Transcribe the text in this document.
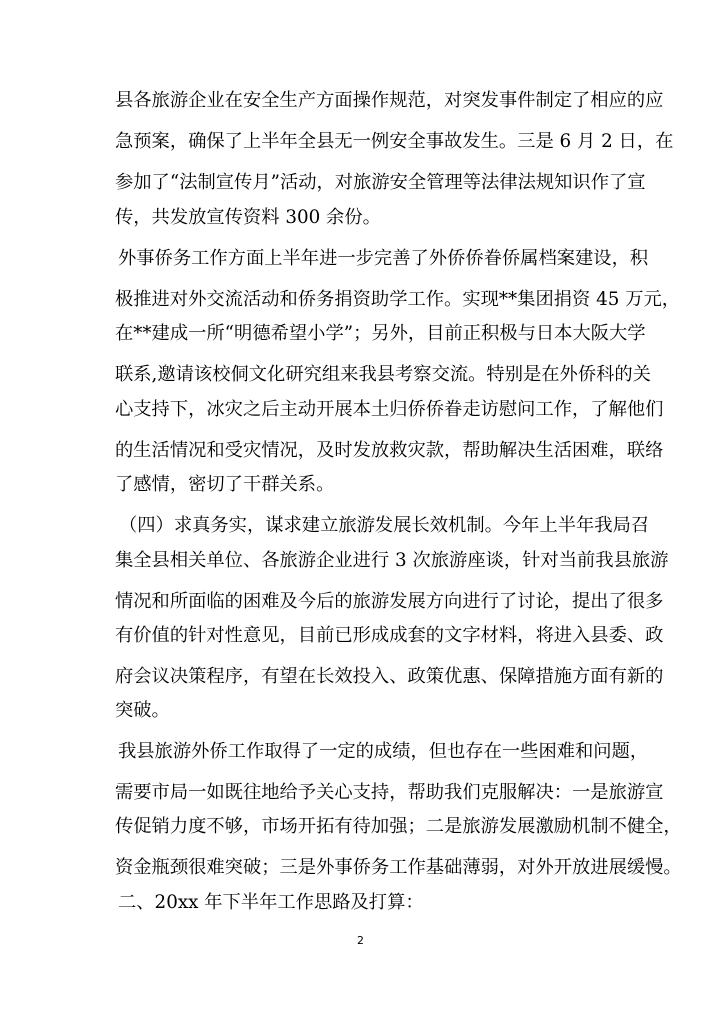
县各旅游企业在安全生产方面操作规范，对突发事件制定了相应的应
急预案，确保了上半年全县无一例安全事故发生。三是 6 月 2 日，在
参加了“法制宣传月”活动，对旅游安全管理等法律法规知识作了宣
传，共发放宣传资料 300 余份。
外事侨务工作方面上半年进一步完善了外侨侨眷侨属档案建设，积
极推进对外交流活动和侨务捐资助学工作。实现**集团捐资 45 万元，
在**建成一所“明德希望小学”；另外，目前正积极与日本大阪大学
联系,邀请该校侗文化研究组来我县考察交流。特别是在外侨科的关
心支持下，冰灾之后主动开展本土归侨侨眷走访慰问工作，了解他们
的生活情况和受灾情况，及时发放救灾款，帮助解决生活困难，联络
了感情，密切了干群关系。
（四）求真务实，谋求建立旅游发展长效机制。今年上半年我局召
集全县相关单位、各旅游企业进行 3 次旅游座谈，针对当前我县旅游
情况和所面临的困难及今后的旅游发展方向进行了讨论，提出了很多
有价值的针对性意见，目前已形成成套的文字材料，将进入县委、政
府会议决策程序，有望在长效投入、政策优惠、保障措施方面有新的
突破。
我县旅游外侨工作取得了一定的成绩，但也存在一些困难和问题，
需要市局一如既往地给予关心支持，帮助我们克服解决：一是旅游宣
传促销力度不够，市场开拓有待加强；二是旅游发展激励机制不健全，
资金瓶颈很难突破；三是外事侨务工作基础薄弱，对外开放进展缓慢。
二、20xx 年下半年工作思路及打算：
2
